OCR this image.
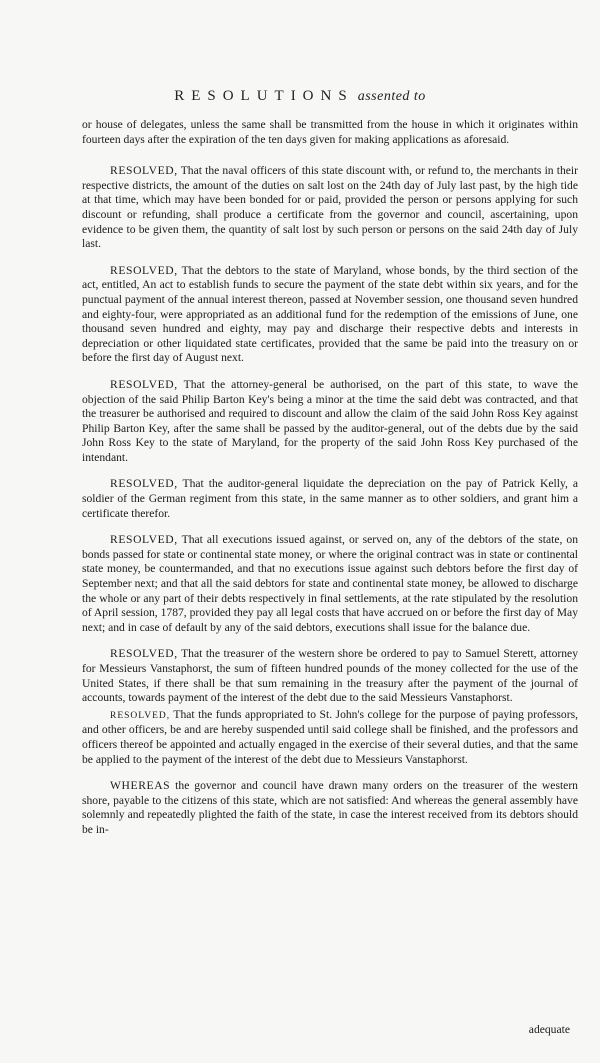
RESOLUTIONS assented to

or house of delegates, unless the same shall be transmitted from the house in which it originates within fourteen days after the expiration of the ten days given for making applications as aforesaid.

RESOLVED, That the naval officers of this state discount with, or refund to, the merchants in their respective districts, the amount of the duties on salt lost on the 24th day of July last past, by the high tide at that time, which may have been bonded for or paid, provided the person or persons applying for such discount or refunding, shall produce a certificate from the governor and council, ascertaining, upon evidence to be given them, the quantity of salt lost by such person or persons on the said 24th day of July last.

RESOLVED, That the debtors to the state of Maryland, whose bonds, by the third section of the act, entitled, An act to establish funds to secure the payment of the state debt within six years, and for the punctual payment of the annual interest thereon, passed at November session, one thousand seven hundred and eighty-four, were appropriated as an additional fund for the redemption of the emissions of June, one thousand seven hundred and eighty, may pay and discharge their respective debts and interests in depreciation or other liquidated state certificates, provided that the same be paid into the treasury on or before the first day of August next.

RESOLVED, That the attorney-general be authorised, on the part of this state, to wave the objection of the said Philip Barton Key's being a minor at the time the said debt was contracted, and that the treasurer be authorised and required to discount and allow the claim of the said John Ross Key against Philip Barton Key, after the same shall be passed by the auditor-general, out of the debts due by the said John Ross Key to the state of Maryland, for the property of the said John Ross Key purchased of the intendant.

RESOLVED, That the auditor-general liquidate the depreciation on the pay of Patrick Kelly, a soldier of the German regiment from this state, in the same manner as to other soldiers, and grant him a certificate therefor.

RESOLVED, That all executions issued against, or served on, any of the debtors of the state, on bonds passed for state or continental state money, or where the original contract was in state or continental state money, be countermanded, and that no executions issue against such debtors before the first day of September next; and that all the said debtors for state and continental state money, be allowed to discharge the whole or any part of their debts respectively in final settlements, at the rate stipulated by the resolution of April session, 1787, provided they pay all legal costs that have accrued on or before the first day of May next; and in case of default by any of the said debtors, executions shall issue for the balance due.

RESOLVED, That the treasurer of the western shore be ordered to pay to Samuel Sterett, attorney for Messieurs Vanstaphorst, the sum of fifteen hundred pounds of the money collected for the use of the United States, if there shall be that sum remaining in the treasury after the payment of the journal of accounts, towards payment of the interest of the debt due to the said Messieurs Vanstaphorst.

RESOLVED, That the funds appropriated to St. John's college for the purpose of paying professors, and other officers, be and are hereby suspended until said college shall be finished, and the professors and officers thereof be appointed and actually engaged in the exercise of their several duties, and that the same be applied to the payment of the interest of the debt due to Messieurs Vanstaphorst.

WHEREAS the governor and council have drawn many orders on the treasurer of the western shore, payable to the citizens of this state, which are not satisfied: And whereas the general assembly have solemnly and repeatedly plighted the faith of the state, in case the interest received from its debtors should be in-

adequate
